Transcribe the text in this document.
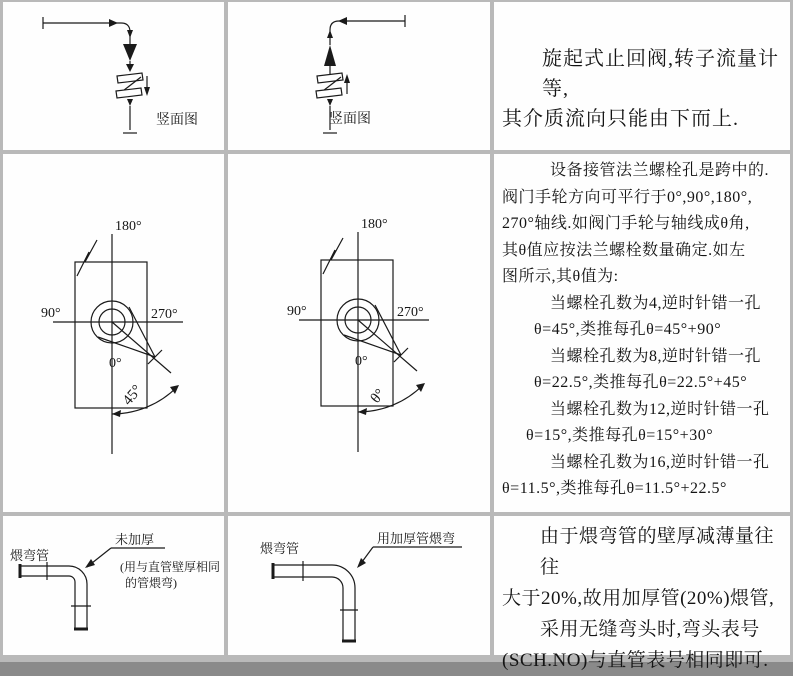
竖面图	竖面图
旋起式止回阀,转子流量计等,
其介质流向只能由下而上.
180°
90°	270°
0°
45°
180°
90°	270°
0°
θ°
设备接管法兰螺栓孔是跨中的.
阀门手轮方向可平行于0°,90°,180°,
270°轴线.如阀门手轮与轴线成θ角,
其θ值应按法兰螺栓数量确定.如左
图所示,其θ值为:
当螺栓孔数为4,逆时针错一孔
θ=45°,类推每孔θ=45°+90°
当螺栓孔数为8,逆时针错一孔
θ=22.5°,类推每孔θ=22.5°+45°
当螺栓孔数为12,逆时针错一孔
θ=15°,类推每孔θ=15°+30°
当螺栓孔数为16,逆时针错一孔
θ=11.5°,类推每孔θ=11.5°+22.5°
煨弯管
未加厚
(用与直管壁厚相同
的管煨弯)
煨弯管
用加厚管煨弯	由于煨弯管的壁厚减薄量往往
大于20%,故用加厚管(20%)煨管,
采用无缝弯头时,弯头表号
(SCH.NO)与直管表号相同即可.
